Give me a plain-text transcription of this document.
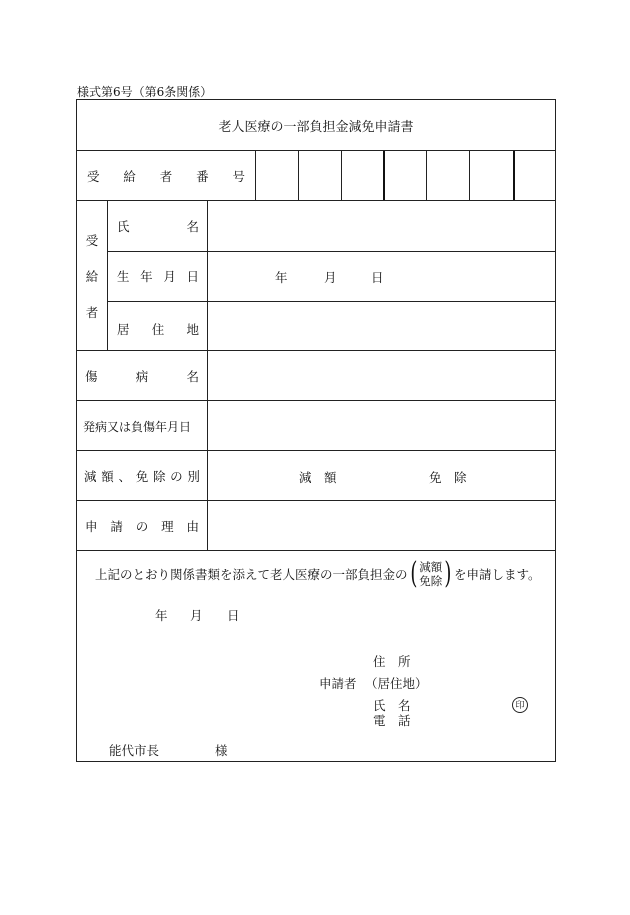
様式第6号（第6条関係）
老人医療の一部負担金減免申請書
受 給 者 番 号
受
給
者
氏	名
生 年 月 日	年	月	日
居 住 地
傷	病	名
発病又は負傷年月日
減 額 、 免 除 の 別	減　額	免　除
申 請 の 理 由
上記のとおり関係書類を添えて老人医療の一部負担金の ( 減額
免除 ) を申請します。
年 月 日
住　所
申請者 （居住地）
氏　名	印
電　話
能代市長	様
